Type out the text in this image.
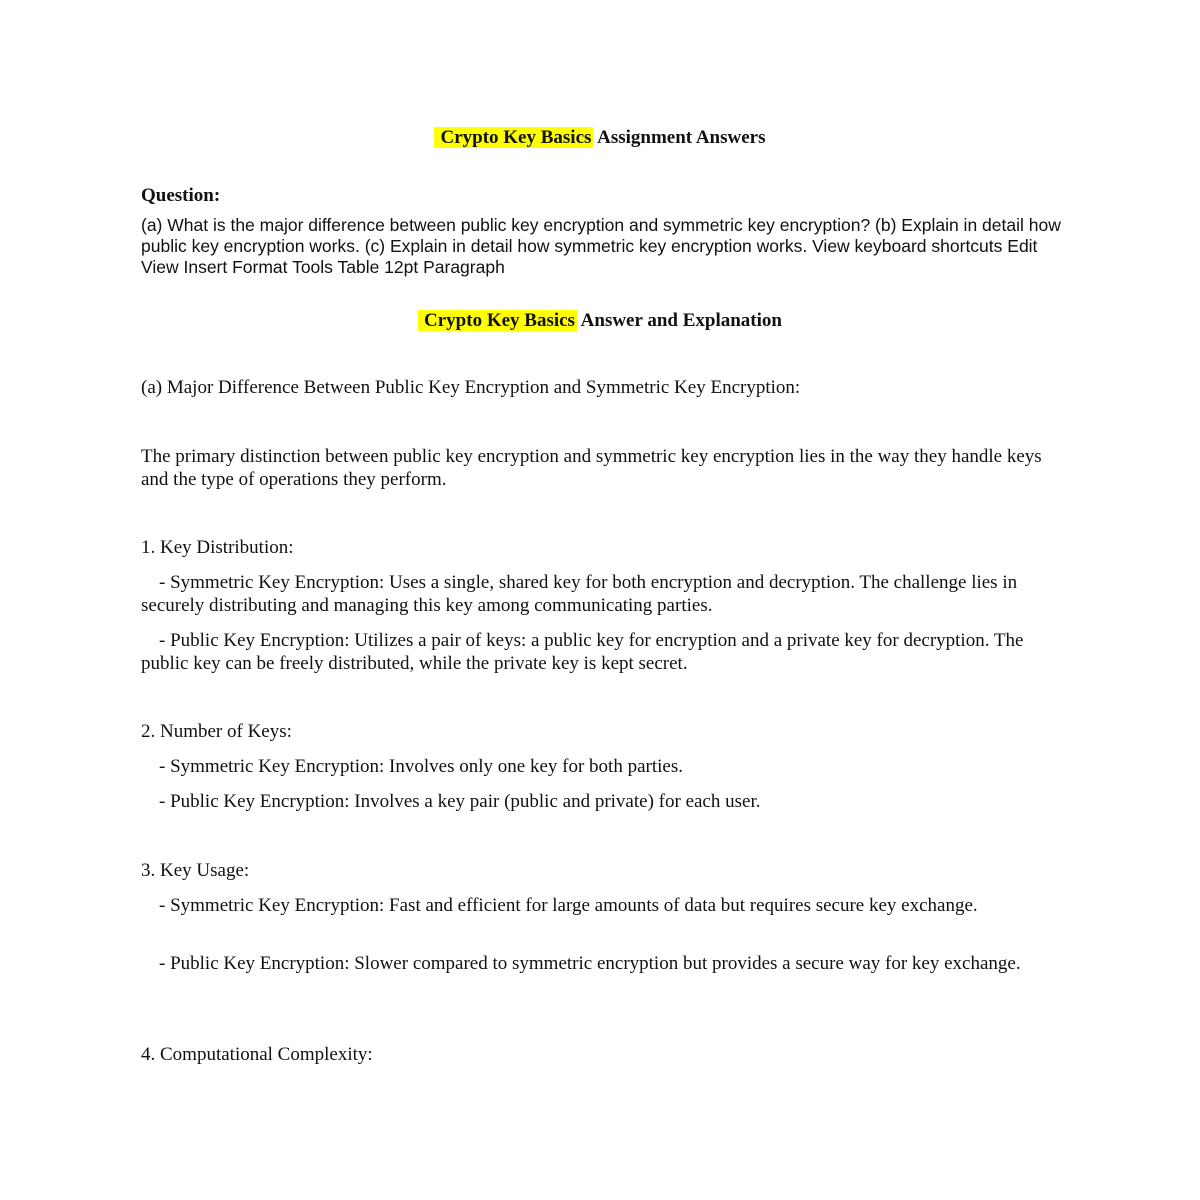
Crypto Key Basics Assignment Answers
Question:
(a) What is the major difference between public key encryption and symmetric key encryption? (b) Explain in detail how public key encryption works. (c) Explain in detail how symmetric key encryption works. View keyboard shortcuts Edit View Insert Format Tools Table 12pt Paragraph
Crypto Key Basics Answer and Explanation
(a) Major Difference Between Public Key Encryption and Symmetric Key Encryption:
The primary distinction between public key encryption and symmetric key encryption lies in the way they handle keys and the type of operations they perform.
1. Key Distribution:
- Symmetric Key Encryption: Uses a single, shared key for both encryption and decryption. The challenge lies in securely distributing and managing this key among communicating parties.
- Public Key Encryption: Utilizes a pair of keys: a public key for encryption and a private key for decryption. The public key can be freely distributed, while the private key is kept secret.
2. Number of Keys:
- Symmetric Key Encryption: Involves only one key for both parties.
- Public Key Encryption: Involves a key pair (public and private) for each user.
3. Key Usage:
- Symmetric Key Encryption: Fast and efficient for large amounts of data but requires secure key exchange.
- Public Key Encryption: Slower compared to symmetric encryption but provides a secure way for key exchange.
4. Computational Complexity:
